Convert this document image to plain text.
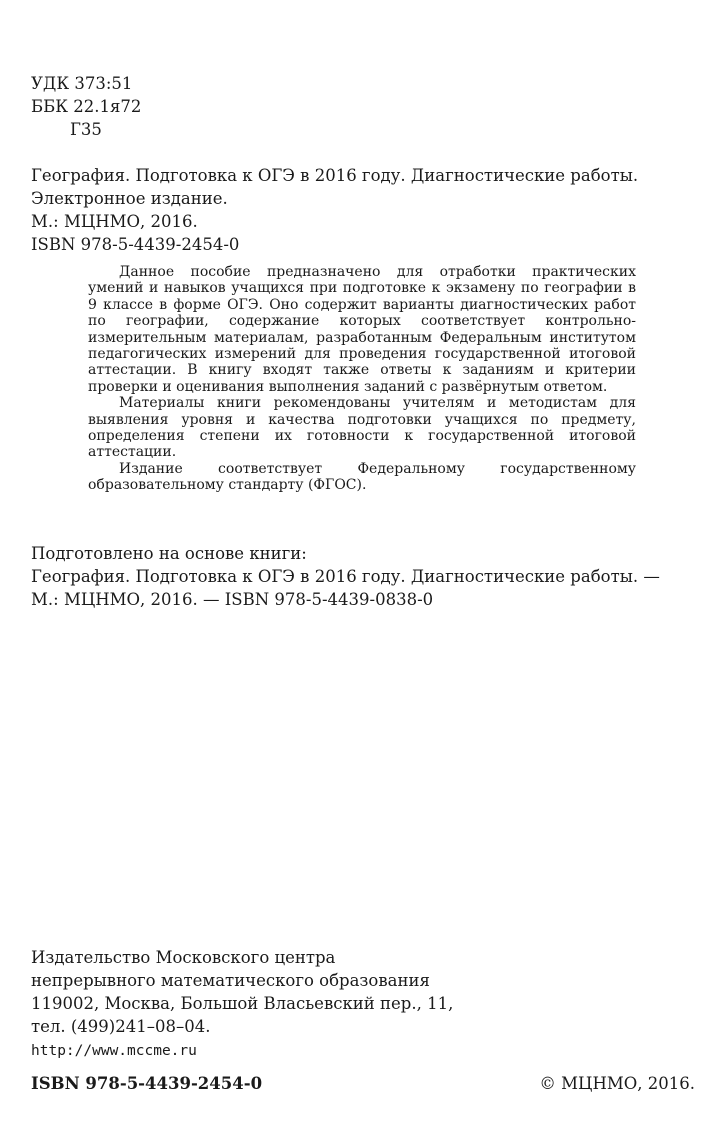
УДК 373:51
ББК 22.1я72
Г35
География. Подготовка к ОГЭ в 2016 году. Диагностические работы.
Электронное издание.
М.: МЦНМО, 2016.
ISBN 978-5-4439-2454-0

Данное пособие предназначено для отработки практических умений и навыков учащихся при подготовке к экзамену по географии в 9 классе в форме ОГЭ. Оно содержит варианты диагностических работ по географии, содержание которых соответствует контрольно-измерительным материалам, разработанным Федеральным институтом педагогических измерений для проведения государственной итоговой аттестации. В книгу входят также ответы к заданиям и критерии проверки и оценивания выполнения заданий с развёрнутым ответом.

Материалы книги рекомендованы учителям и методистам для выявления уровня и качества подготовки учащихся по предмету, определения степени их готовности к государственной итоговой аттестации.

Издание соответствует Федеральному государственному образовательному стандарту (ФГОС).

Подготовлено на основе книги:
География. Подготовка к ОГЭ в 2016 году. Диагностические работы. —
М.: МЦНМО, 2016. — ISBN 978-5-4439-0838-0
Издательство Московского центра
непрерывного математического образования
119002, Москва, Большой Власьевский пер., 11,
тел. (499)241–08–04.
http://www.mccme.ru
ISBN 978-5-4439-2454-0	© МЦНМО, 2016.
